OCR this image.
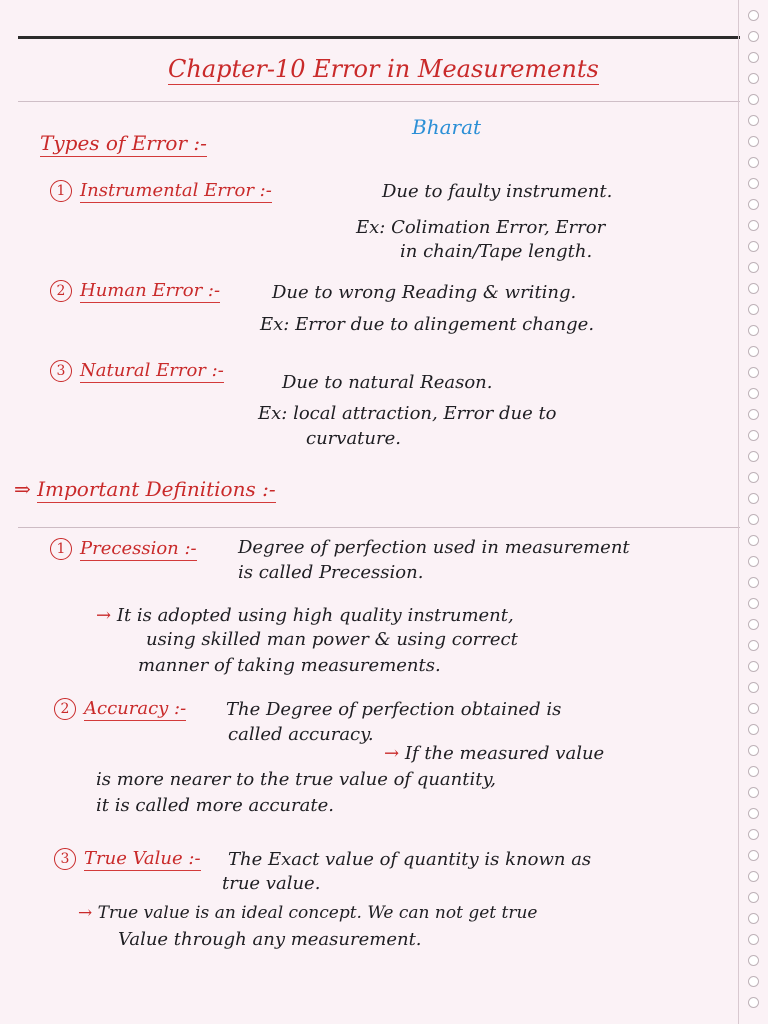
Chapter-10 Error in Measurements
Bharat
Types of Error :-
1 Instrumental Error :-	Due to faulty instrument.
Ex: Colimation Error, Error
in chain/Tape length.
2 Human Error :-	Due to wrong Reading & writing.
Ex: Error due to alingement change.
3 Natural Error :-
Due to natural Reason.
Ex: local attraction, Error due to
curvature.
⇒ Important Definitions :-
1 Precession :- Degree of perfection used in measurement
is called Precession.
→ It is adopted using high quality instrument,
using skilled man power & using correct
manner of taking measurements.
2 Accuracy :- The Degree of perfection obtained is
called accuracy.
→ If the measured value
is more nearer to the true value of quantity,
it is called more accurate.
3 True Value :- The Exact value of quantity is known as
true value.
→ True value is an ideal concept. We can not get true
Value through any measurement.
